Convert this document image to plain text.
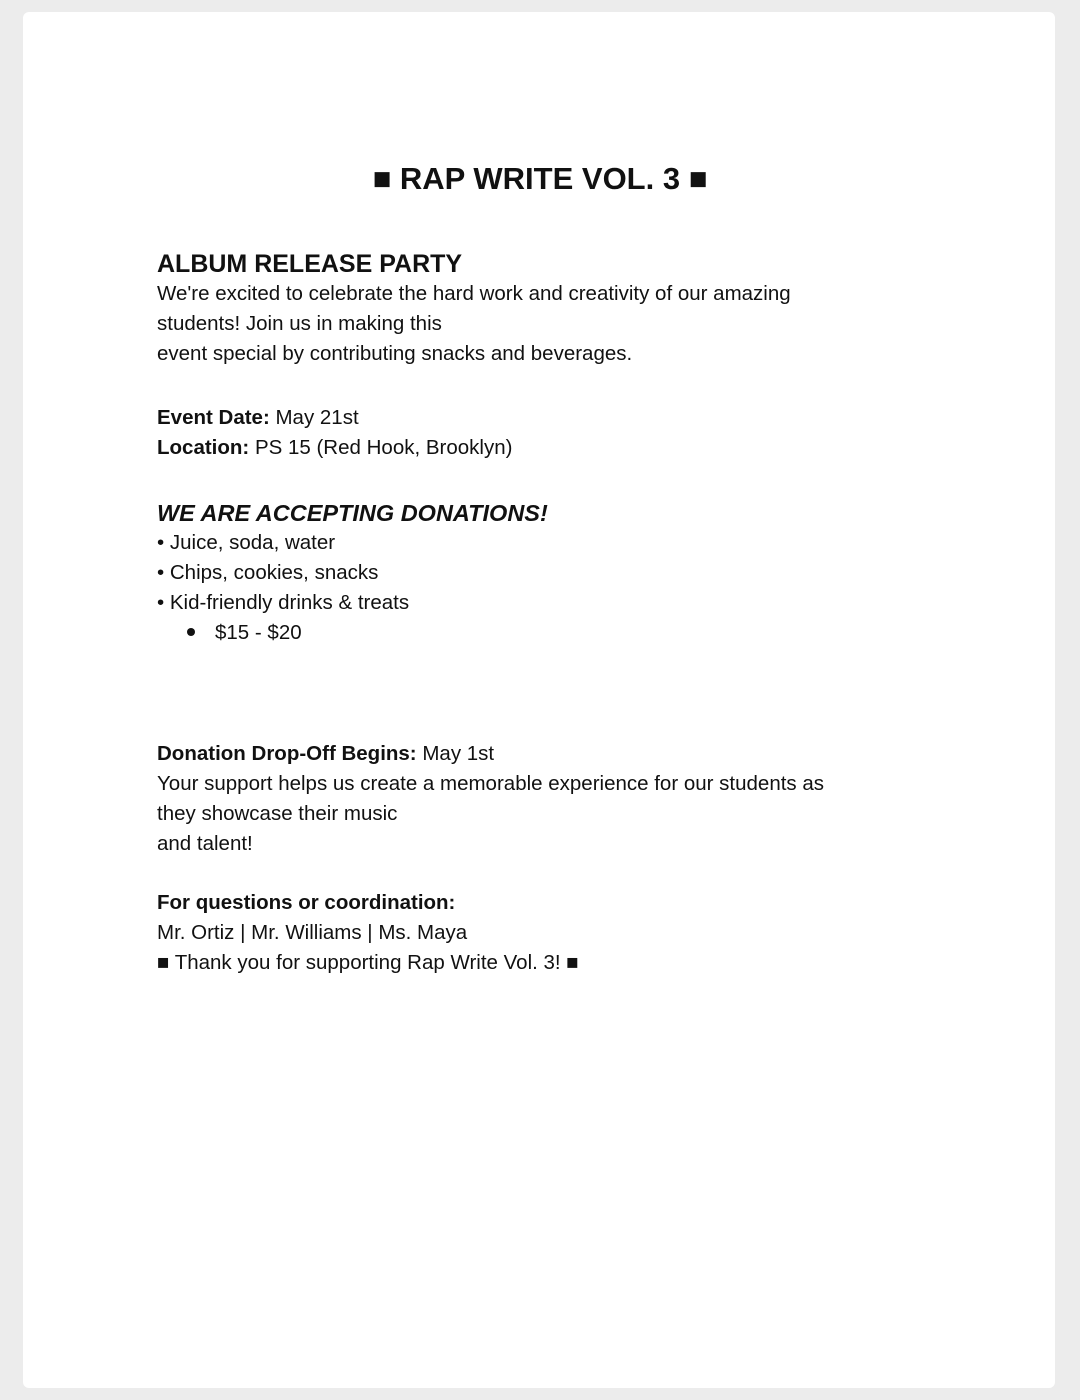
■ RAP WRITE VOL. 3 ■
ALBUM RELEASE PARTY
We're excited to celebrate the hard work and creativity of our amazing
students! Join us in making this
event special by contributing snacks and beverages.
Event Date: May 21st
Location: PS 15 (Red Hook, Brooklyn)
WE ARE ACCEPTING DONATIONS!
• Juice, soda, water
• Chips, cookies, snacks
• Kid-friendly drinks & treats
$15 - $20
Donation Drop-Off Begins: May 1st
Your support helps us create a memorable experience for our students as
they showcase their music
and talent!
For questions or coordination:
Mr. Ortiz | Mr. Williams | Ms. Maya
■ Thank you for supporting Rap Write Vol. 3! ■
